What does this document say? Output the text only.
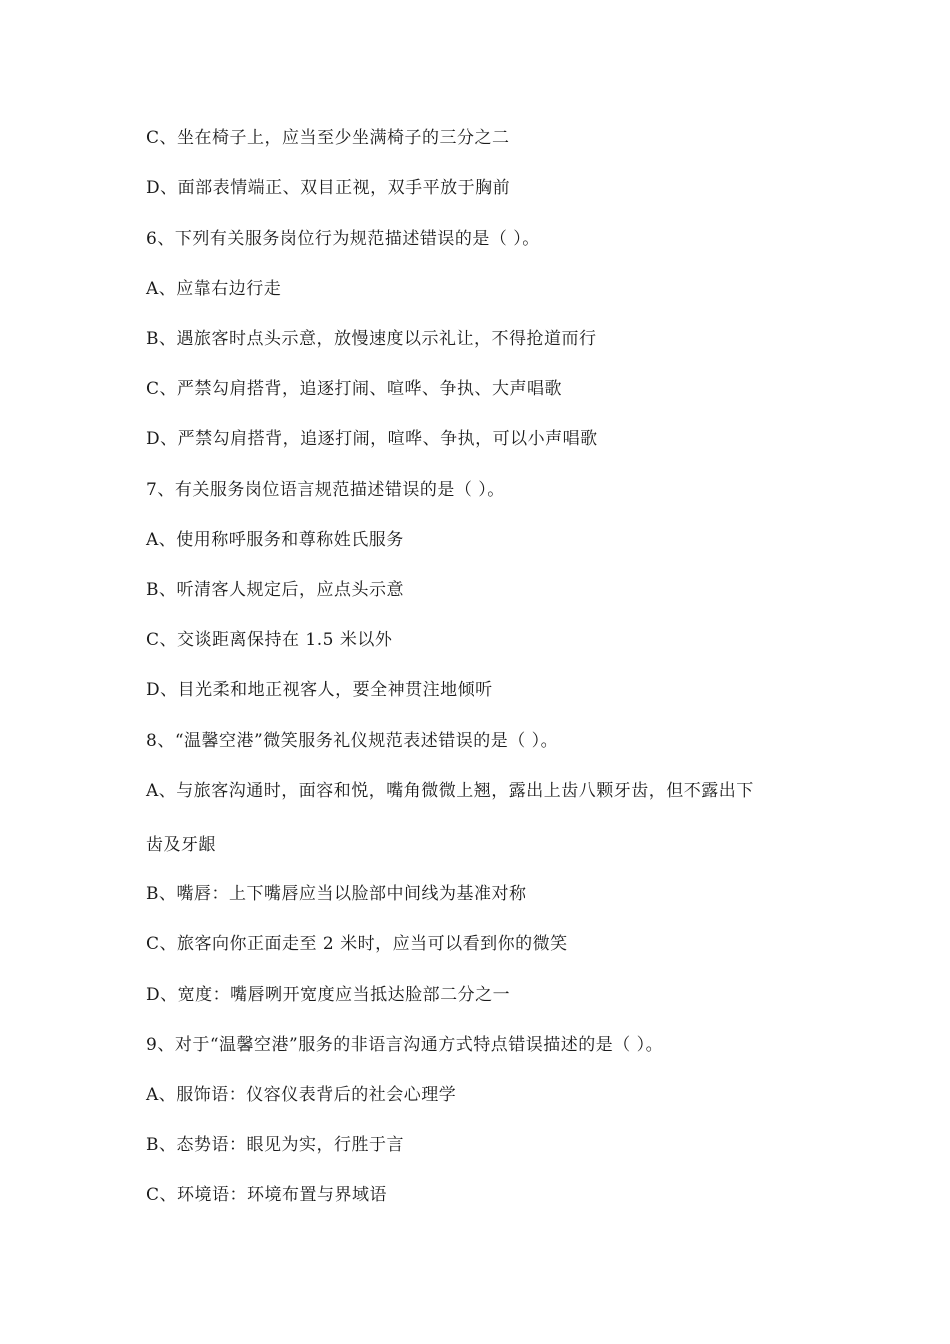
C、坐在椅子上，应当至少坐满椅子的三分之二
D、面部表情端正、双目正视，双手平放于胸前
6、下列有关服务岗位行为规范描述错误的是（ ）。
A、应靠右边行走
B、遇旅客时点头示意，放慢速度以示礼让，不得抢道而行
C、严禁勾肩搭背，追逐打闹、喧哗、争执、大声唱歌
D、严禁勾肩搭背，追逐打闹，喧哗、争执，可以小声唱歌
7、有关服务岗位语言规范描述错误的是（ ）。
A、使用称呼服务和尊称姓氏服务
B、听清客人规定后，应点头示意
C、交谈距离保持在 1.5 米以外
D、目光柔和地正视客人，要全神贯注地倾听
8、“温馨空港”微笑服务礼仪规范表述错误的是（ ）。
A、与旅客沟通时，面容和悦，嘴角微微上翘，露出上齿八颗牙齿，但不露出下
齿及牙龈
B、嘴唇：上下嘴唇应当以脸部中间线为基准对称
C、旅客向你正面走至 2 米时，应当可以看到你的微笑
D、宽度：嘴唇咧开宽度应当抵达脸部二分之一
9、对于“温馨空港”服务的非语言沟通方式特点错误描述的是（ ）。
A、服饰语：仪容仪表背后的社会心理学
B、态势语：眼见为实，行胜于言
C、环境语：环境布置与界域语
